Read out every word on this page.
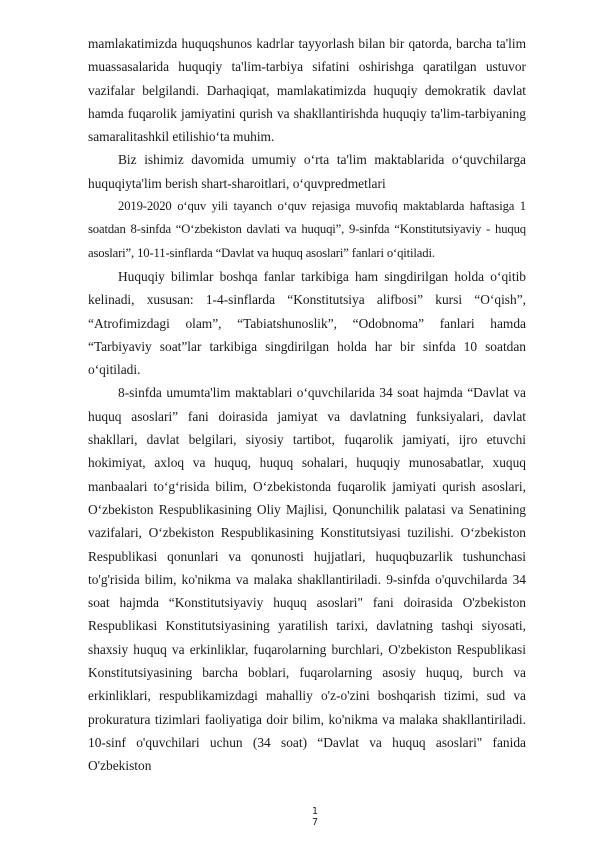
mamlakatimizda huquqshunos kadrlar tayyorlash bilan bir qatorda, barcha ta'lim muassasalarida huquqiy ta'lim-tarbiya sifatini oshirishga qaratilgan ustuvor vazifalar belgilandi. Darhaqiqat, mamlakatimizda huquqiy demokratik davlat hamda fuqarolik jamiyatini qurish va shakllantirishda huquqiy ta'lim-tarbiyaning samaralitashkil etilishio‘ta muhim.

Biz ishimiz davomida umumiy o‘rta ta'lim maktablarida o‘quvchilarga huquqiyta'lim berish shart-sharoitlari, o‘quvpredmetlari

2019-2020 o‘quv yili tayanch o‘quv rejasiga muvofiq maktablarda haftasiga 1 soatdan 8-sinfda “O‘zbekiston davlati va huquqi”, 9-sinfda “Konstitutsiyaviy - huquq asoslari”, 10-11-sinflarda “Davlat va huquq asoslari” fanlari o‘qitiladi.

Huquqiy bilimlar boshqa fanlar tarkibiga ham singdirilgan holda o‘qitib kelinadi, xususan: 1-4-sinflarda “Konstitutsiya alifbosi” kursi “O‘qish”, “Atrofimizdagi olam”, “Tabiatshunoslik”, “Odobnoma” fanlari hamda “Tarbiyaviy soat”lar tarkibiga singdirilgan holda har bir sinfda 10 soatdan o‘qitiladi.

8-sinfda umumta'lim maktablari o‘quvchilarida 34 soat hajmda “Davlat va huquq asoslari” fani doirasida jamiyat va davlatning funksiyalari, davlat shakllari, davlat belgilari, siyosiy tartibot, fuqarolik jamiyati, ijro etuvchi hokimiyat, axloq va huquq, huquq sohalari, huquqiy munosabatlar, xuquq manbaalari to‘g‘risida bilim, O‘zbekistonda fuqarolik jamiyati qurish asoslari, O‘zbekiston Respublikasining Oliy Majlisi, Qonunchilik palatasi va Senatining vazifalari, O‘zbekiston Respublikasining Konstitutsiyasi tuzilishi. O‘zbekiston Respublikasi qonunlari va qonunosti hujjatlari, huquqbuzarlik tushunchasi to'g'risida bilim, ko'nikma va malaka shakllantiriladi. 9-sinfda o'quvchilarda 34 soat hajmda “Konstitutsiyaviy huquq asoslari" fani doirasida O'zbekiston Respublikasi Konstitutsiyasining yaratilish tarixi, davlatning tashqi siyosati, shaxsiy huquq va erkinliklar, fuqarolarning burchlari, O'zbekiston Respublikasi Konstitutsiyasining barcha boblari, fuqarolarning asosiy huquq, burch va erkinliklari, respublikamizdagi mahalliy o'z-o'zini boshqarish tizimi, sud va prokuratura tizimlari faoliyatiga doir bilim, ko'nikma va malaka shakllantiriladi. 10-sinf o'quvchilari uchun (34 soat) “Davlat va huquq asoslari" fanida O'zbekiston

1
7
